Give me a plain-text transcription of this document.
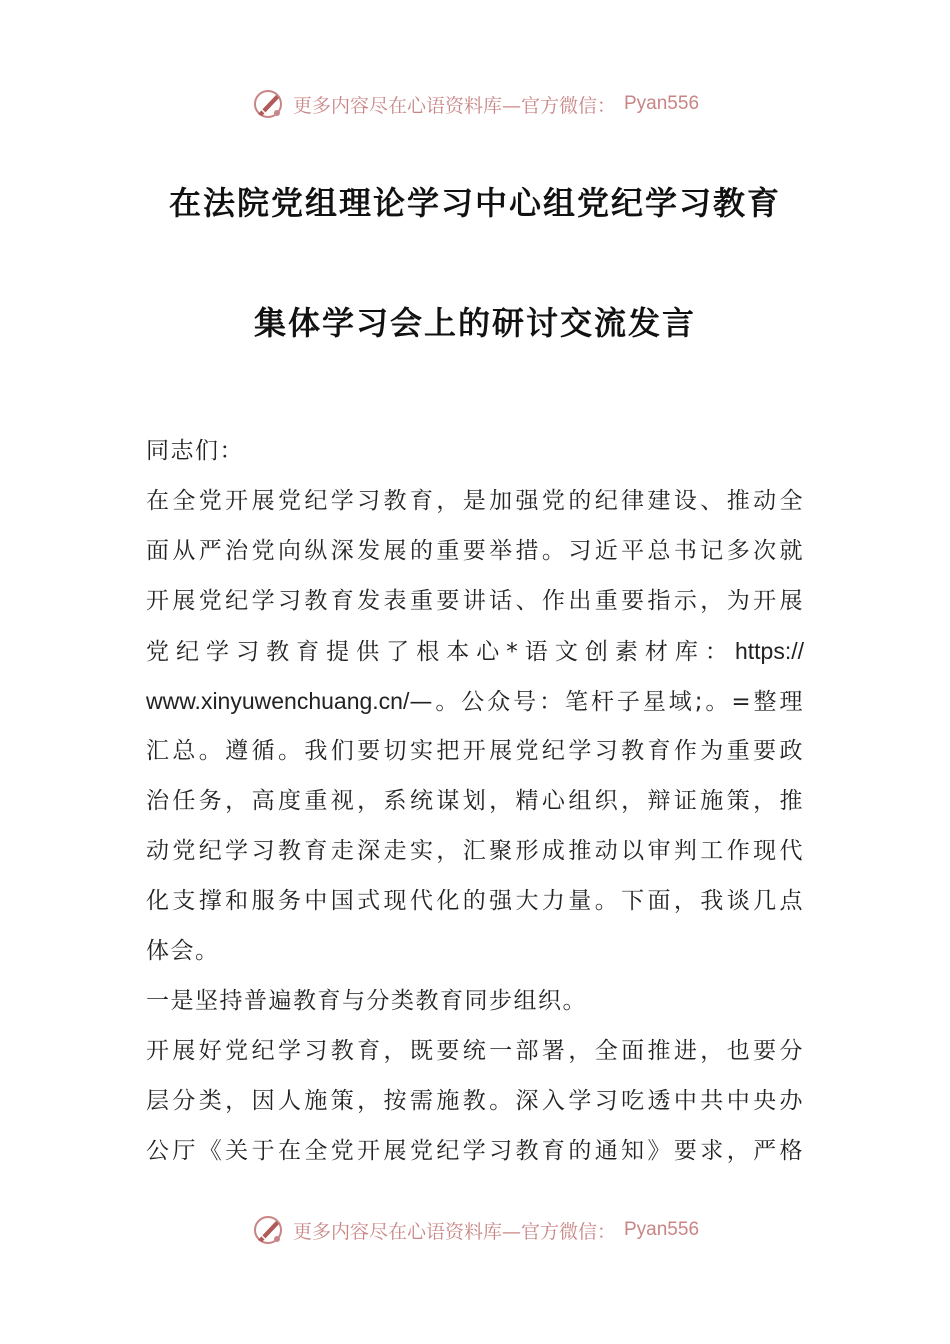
更多内容尽在心语资料库—官方微信： Pyan556
在法院党组理论学习中心组党纪学习教育
集体学习会上的研讨交流发言
同志们：
在全党开展党纪学习教育，是加强党的纪律建设、推动全
面从严治党向纵深发展的重要举措。习近平总书记多次就
开展党纪学习教育发表重要讲话、作出重要指示，为开展
党纪学习教育提供了根本心*语文创素材库：https://
www.xinyuwenchuang.cn/—。公众号：笔杆子星域;。=整理
汇总。遵循。我们要切实把开展党纪学习教育作为重要政
治任务，高度重视，系统谋划，精心组织，辩证施策，推
动党纪学习教育走深走实，汇聚形成推动以审判工作现代
化支撑和服务中国式现代化的强大力量。下面，我谈几点
体会。
一是坚持普遍教育与分类教育同步组织。
开展好党纪学习教育，既要统一部署，全面推进，也要分
层分类，因人施策，按需施教。深入学习吃透中共中央办
公厅《关于在全党开展党纪学习教育的通知》要求，严格
更多内容尽在心语资料库—官方微信： Pyan556
